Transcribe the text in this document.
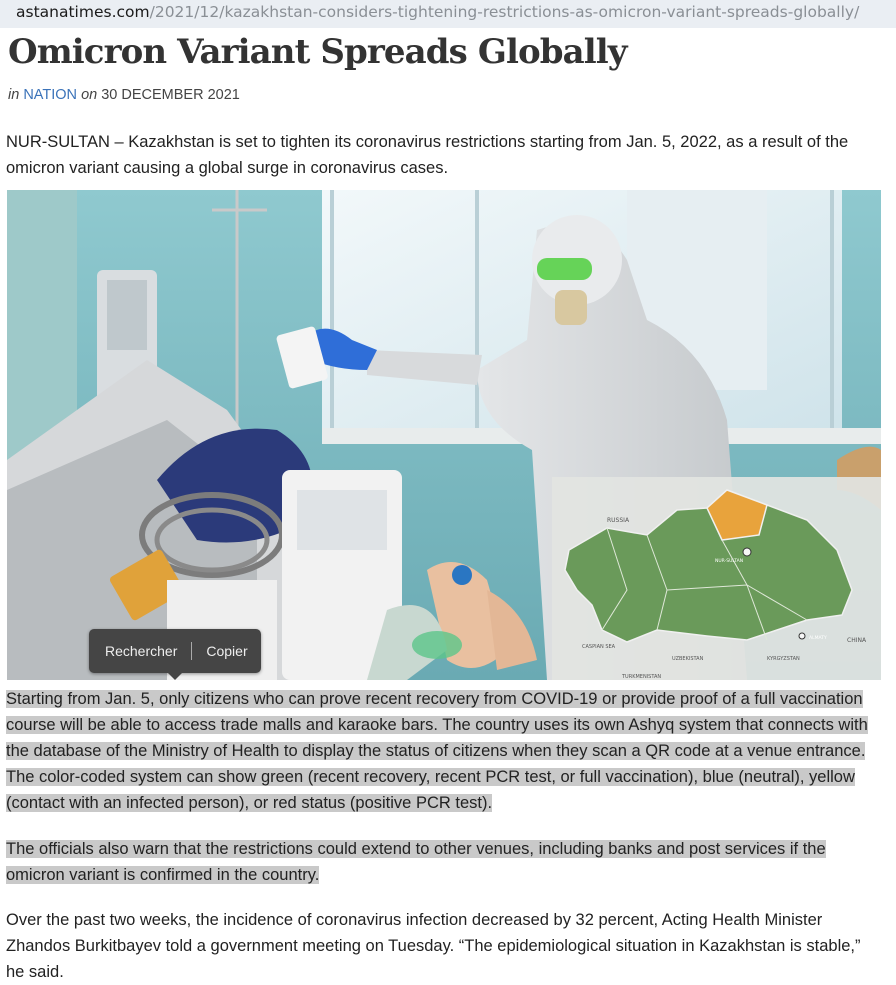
astanatimes.com/2021/12/kazakhstan-considers-tightening-restrictions-as-omicron-variant-spreads-globally/
Omicron Variant Spreads Globally
in NATION on 30 DECEMBER 2021

NUR-SULTAN – Kazakhstan is set to tighten its coronavirus restrictions starting from Jan. 5, 2022, as a result of the omicron variant causing a global surge in coronavirus cases.

RUSSIA
CHINA
UZBEKISTAN	KYRGYZSTAN
TURKMENISTAN
CASPIAN SEA
NUR-SULTAN
ALMATY
Rechercher Copier

Starting from Jan. 5, only citizens who can prove recent recovery from COVID-19 or provide proof of a full vaccination course will be able to access trade malls and karaoke bars. The country uses its own Ashyq system that connects with the database of the Ministry of Health to display the status of citizens when they scan a QR code at a venue entrance. The color-coded system can show green (recent recovery, recent PCR test, or full vaccination), blue (neutral), yellow (contact with an infected person), or red status (positive PCR test).

The officials also warn that the restrictions could extend to other venues, including banks and post services if the omicron variant is confirmed in the country.

Over the past two weeks, the incidence of coronavirus infection decreased by 32 percent, Acting Health Minister Zhandos Burkitbayev told a government meeting on Tuesday. “The epidemiological situation in Kazakhstan is stable,” he said.
